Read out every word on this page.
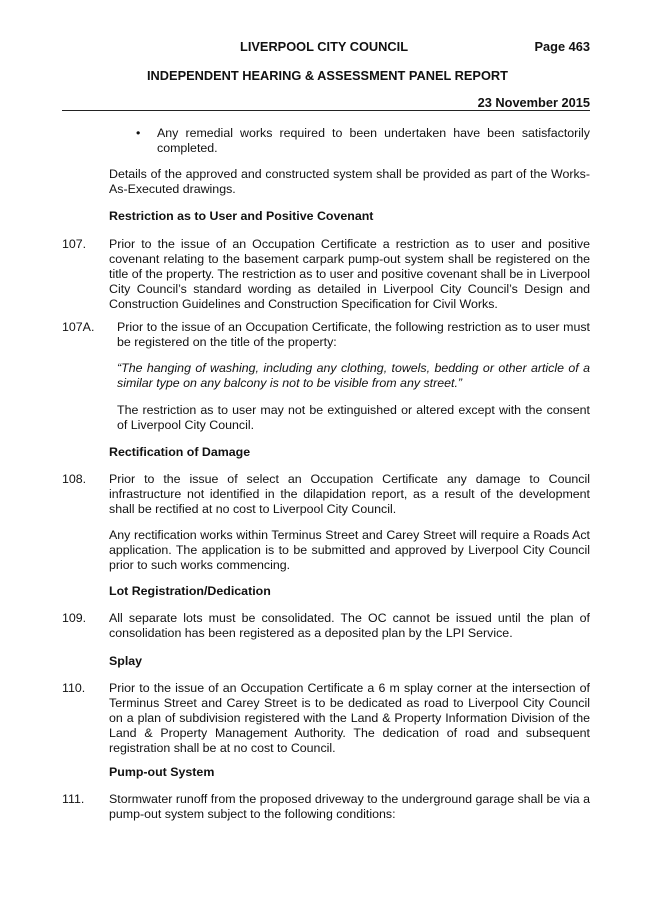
LIVERPOOL CITY COUNCIL	Page 463
INDEPENDENT HEARING & ASSESSMENT PANEL REPORT
23 November 2015
• Any remedial works required to been undertaken have been satisfactorily completed.
Details of the approved and constructed system shall be provided as part of the Works-As-Executed drawings.
Restriction as to User and Positive Covenant
107. Prior to the issue of an Occupation Certificate a restriction as to user and positive covenant relating to the basement carpark pump-out system shall be registered on the title of the property. The restriction as to user and positive covenant shall be in Liverpool City Council’s standard wording as detailed in Liverpool City Council’s Design and Construction Guidelines and Construction Specification for Civil Works.
107A. Prior to the issue of an Occupation Certificate, the following restriction as to user must be registered on the title of the property:
“The hanging of washing, including any clothing, towels, bedding or other article of a similar type on any balcony is not to be visible from any street.”
The restriction as to user may not be extinguished or altered except with the consent of Liverpool City Council.
Rectification of Damage
108. Prior to the issue of select an Occupation Certificate any damage to Council infrastructure not identified in the dilapidation report, as a result of the development shall be rectified at no cost to Liverpool City Council.
Any rectification works within Terminus Street and Carey Street will require a Roads Act application. The application is to be submitted and approved by Liverpool City Council prior to such works commencing.
Lot Registration/Dedication
109. All separate lots must be consolidated. The OC cannot be issued until the plan of consolidation has been registered as a deposited plan by the LPI Service.
Splay
110. Prior to the issue of an Occupation Certificate a 6 m splay corner at the intersection of Terminus Street and Carey Street is to be dedicated as road to Liverpool City Council on a plan of subdivision registered with the Land & Property Information Division of the Land & Property Management Authority. The dedication of road and subsequent registration shall be at no cost to Council.
Pump-out System
111. Stormwater runoff from the proposed driveway to the underground garage shall be via a pump-out system subject to the following conditions:
